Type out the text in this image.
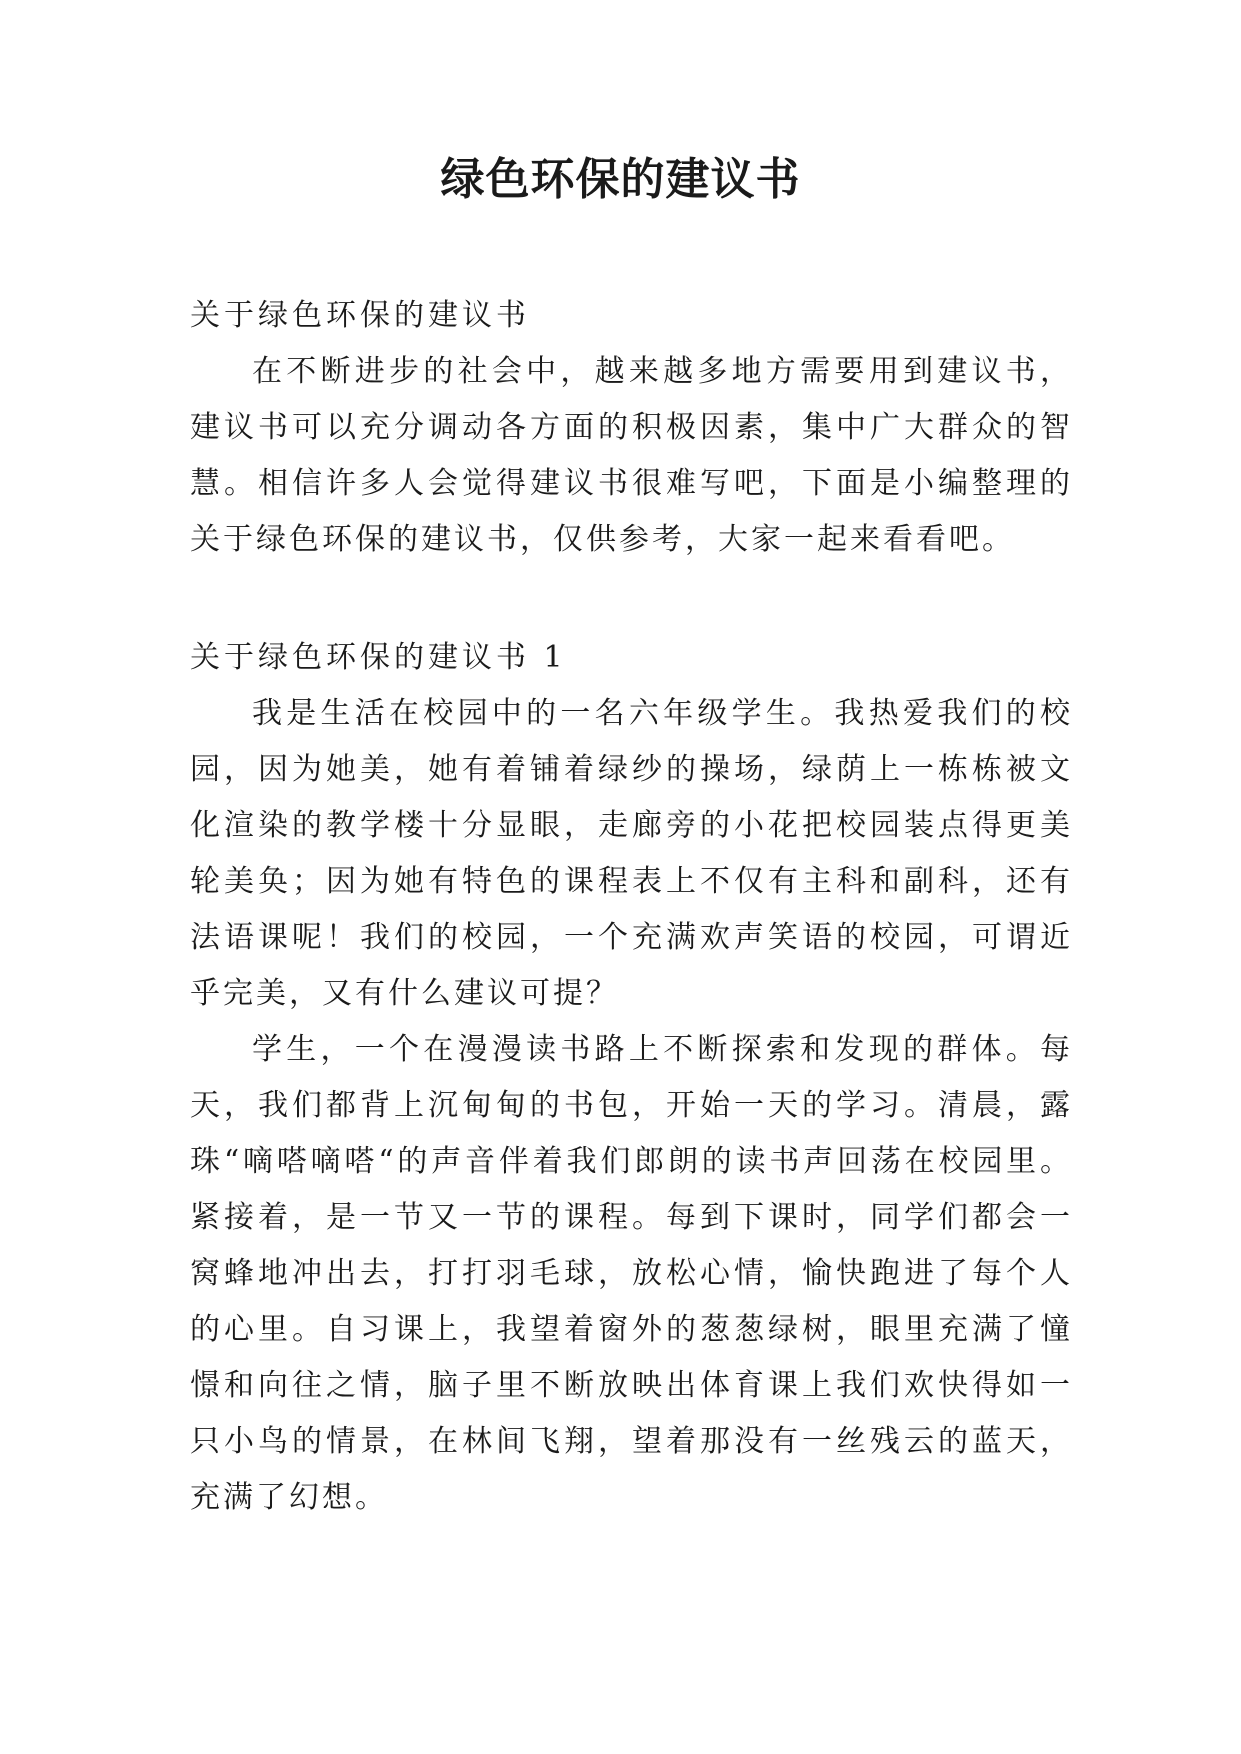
绿色环保的建议书

关于绿色环保的建议书

在不断进步的社会中，越来越多地方需要用到建议书，

建议书可以充分调动各方面的积极因素，集中广大群众的智

慧。相信许多人会觉得建议书很难写吧，下面是小编整理的

关于绿色环保的建议书，仅供参考，大家一起来看看吧。

关于绿色环保的建议书 1

我是生活在校园中的一名六年级学生。我热爱我们的校

园，因为她美，她有着铺着绿纱的操场，绿荫上一栋栋被文

化渲染的教学楼十分显眼，走廊旁的小花把校园装点得更美

轮美奂；因为她有特色的课程表上不仅有主科和副科，还有

法语课呢！我们的校园，一个充满欢声笑语的校园，可谓近

乎完美，又有什么建议可提？

学生，一个在漫漫读书路上不断探索和发现的群体。每

天，我们都背上沉甸甸的书包，开始一天的学习。清晨，露

珠“嘀嗒嘀嗒“的声音伴着我们郎朗的读书声回荡在校园里。

紧接着，是一节又一节的课程。每到下课时，同学们都会一

窝蜂地冲出去，打打羽毛球，放松心情，愉快跑进了每个人

的心里。自习课上，我望着窗外的葱葱绿树，眼里充满了憧

憬和向往之情，脑子里不断放映出体育课上我们欢快得如一

只小鸟的情景，在林间飞翔，望着那没有一丝残云的蓝天，

充满了幻想。
